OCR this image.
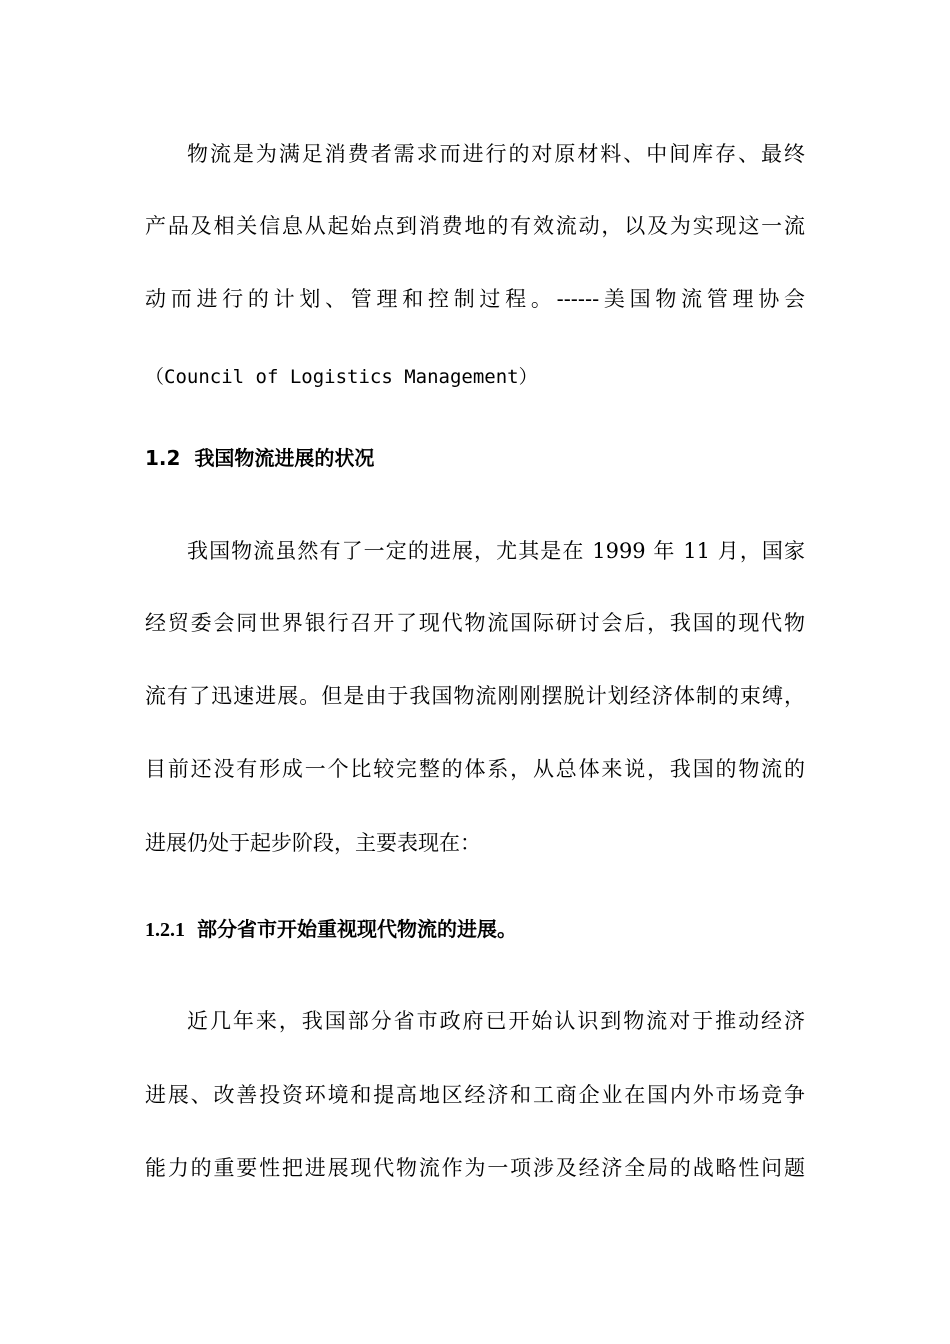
物流是为满足消费者需求而进行的对原材料、中间库存、最终
产品及相关信息从起始点到消费地的有效流动，以及为实现这一流
动而进行的计划、管理和控制过程。------美国物流管理协会
（Council of Logistics Management）
1.2 我国物流进展的状况
我国物流虽然有了一定的进展，尤其是在 1999 年 11 月，国家
经贸委会同世界银行召开了现代物流国际研讨会后，我国的现代物
流有了迅速进展。但是由于我国物流刚刚摆脱计划经济体制的束缚，
目前还没有形成一个比较完整的体系，从总体来说，我国的物流的
进展仍处于起步阶段，主要表现在：
1.2.1 部分省市开始重视现代物流的进展。
近几年来，我国部分省市政府已开始认识到物流对于推动经济
进展、改善投资环境和提高地区经济和工商企业在国内外市场竞争
能力的重要性把进展现代物流作为一项涉及经济全局的战略性问题
